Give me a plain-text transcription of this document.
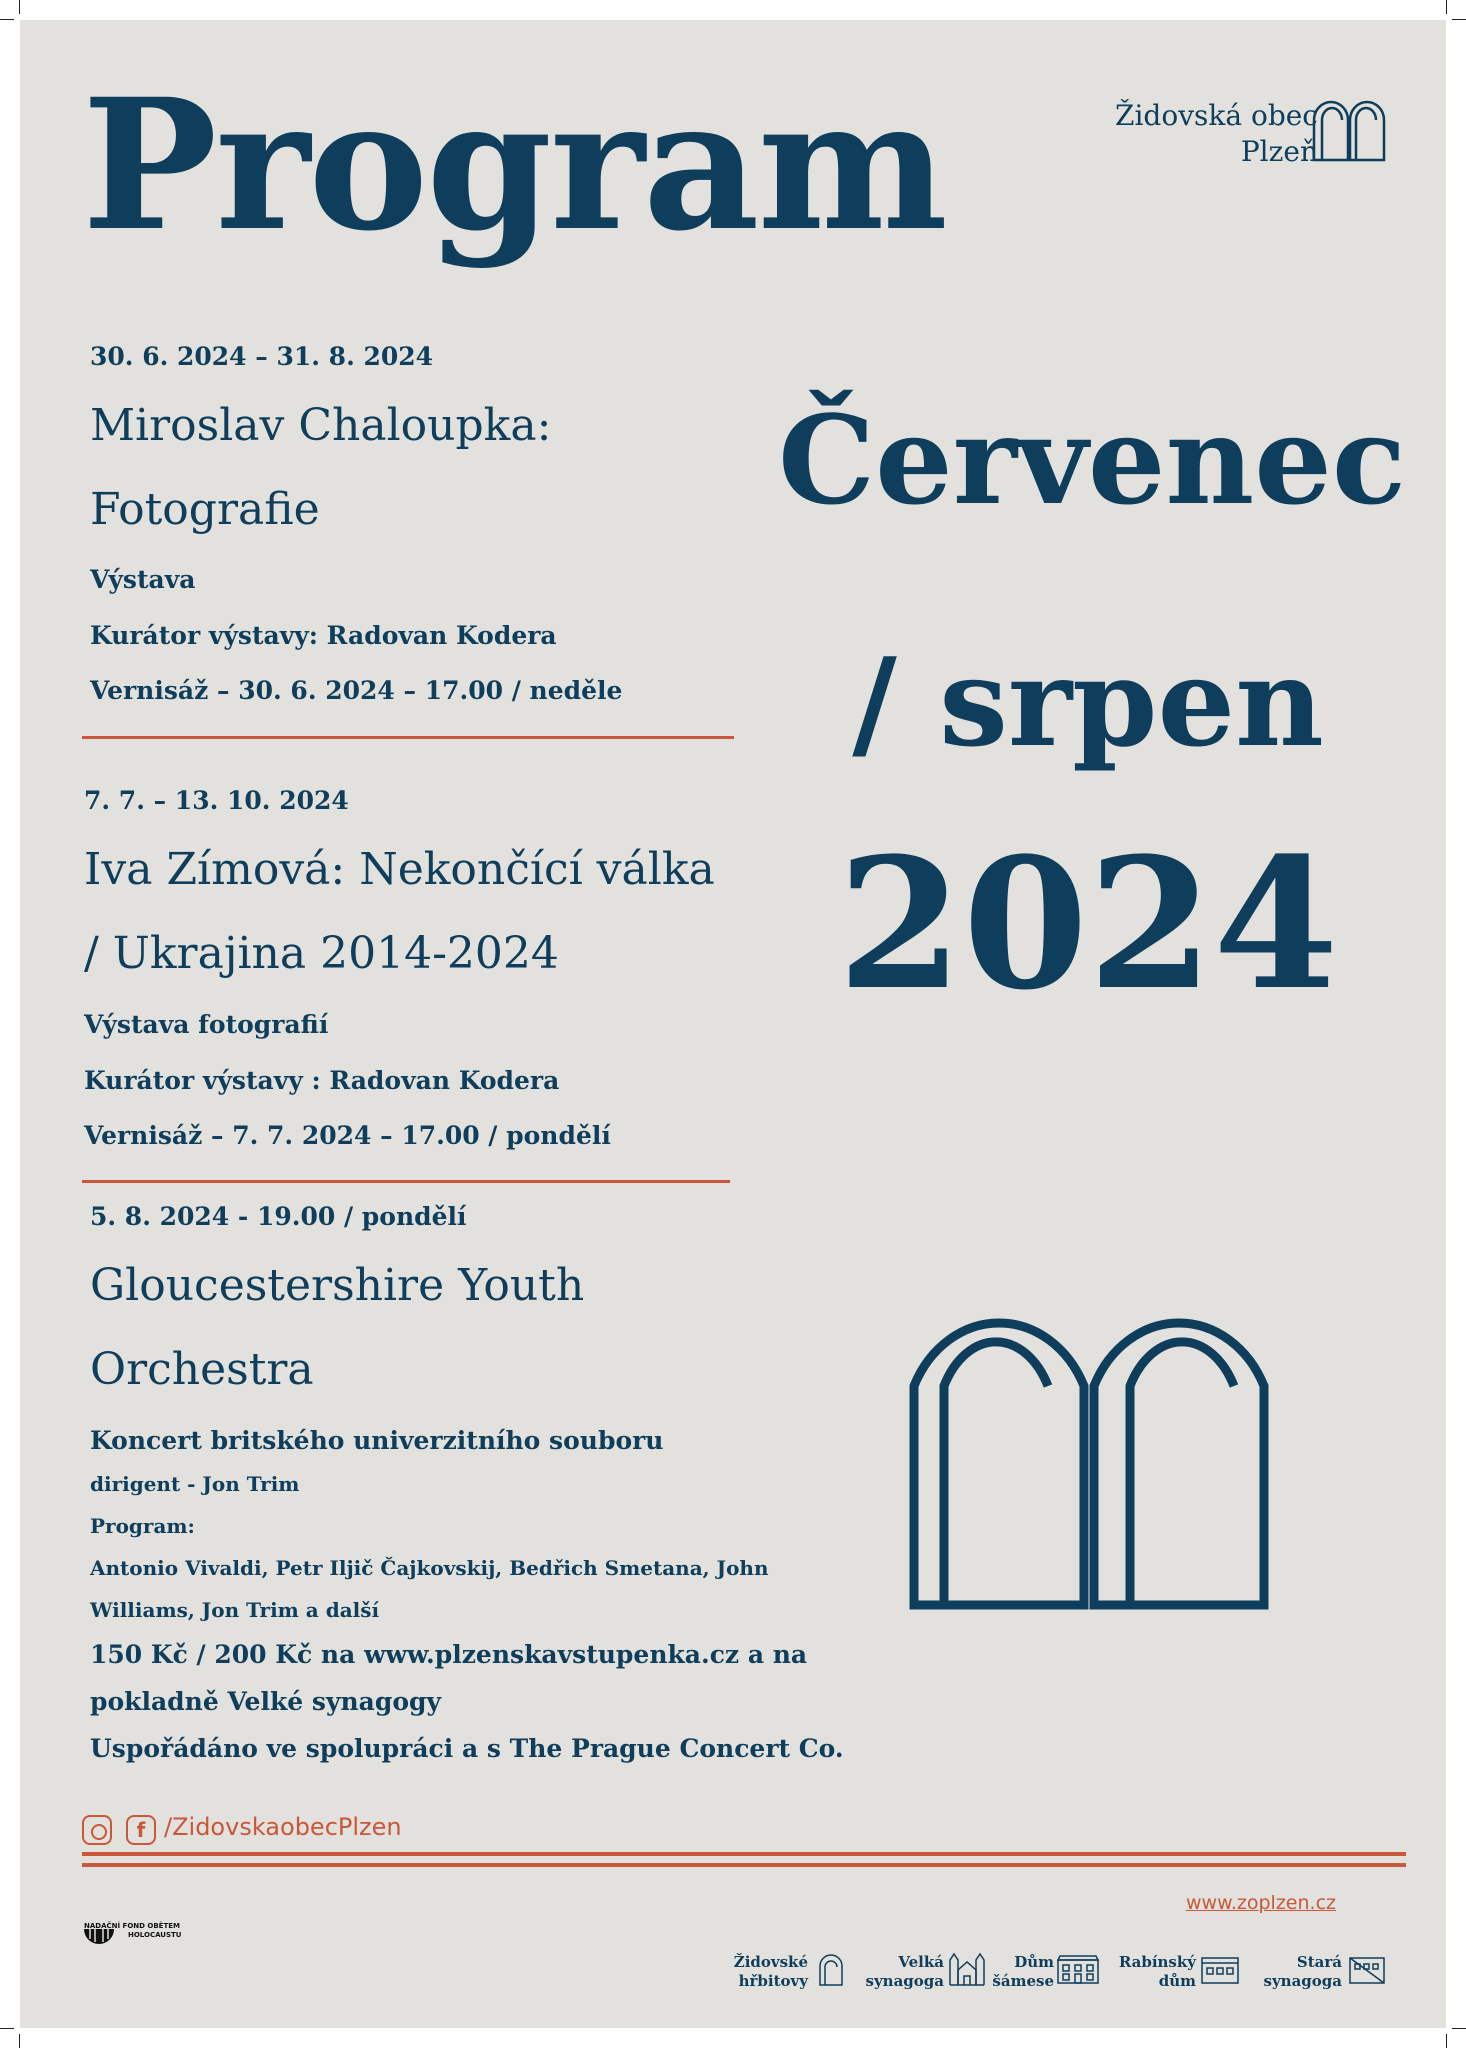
Program	Židovská obec
Plzeň
30. 6. 2024 – 31. 8. 2024
Miroslav Chaloupka:
Fotografie
Výstava
Kurátor výstavy: Radovan Kodera
Vernisáž – 30. 6. 2024 – 17.00 / neděle
7. 7. – 13. 10. 2024
Iva Zímová: Nekončící válka
/ Ukrajina 2014-2024
Výstava fotografií
Kurátor výstavy : Radovan Kodera
Vernisáž – 7. 7. 2024 – 17.00 / pondělí
5. 8. 2024 - 19.00 / pondělí
Gloucestershire Youth
Orchestra
Koncert britského univerzitního souboru
dirigent - Jon Trim
Program:
Antonio Vivaldi, Petr Iljič Čajkovskij, Bedřich Smetana, John
Williams, Jon Trim a další
150 Kč / 200 Kč na www.plzenskavstupenka.cz a na
pokladně Velké synagogy
Uspořádáno ve spolupráci a s The Prague Concert Co.
Červenec
/ srpen
2024
f /ZidovskaobecPlzen
www.zoplzen.cz
NADAČNÍ FOND OBĚTEM
HOLOCAUSTU
Židovské
hřbitovy
Velká
synagoga
Dům
šámese
Rabínský
dům
Stará
synagoga
